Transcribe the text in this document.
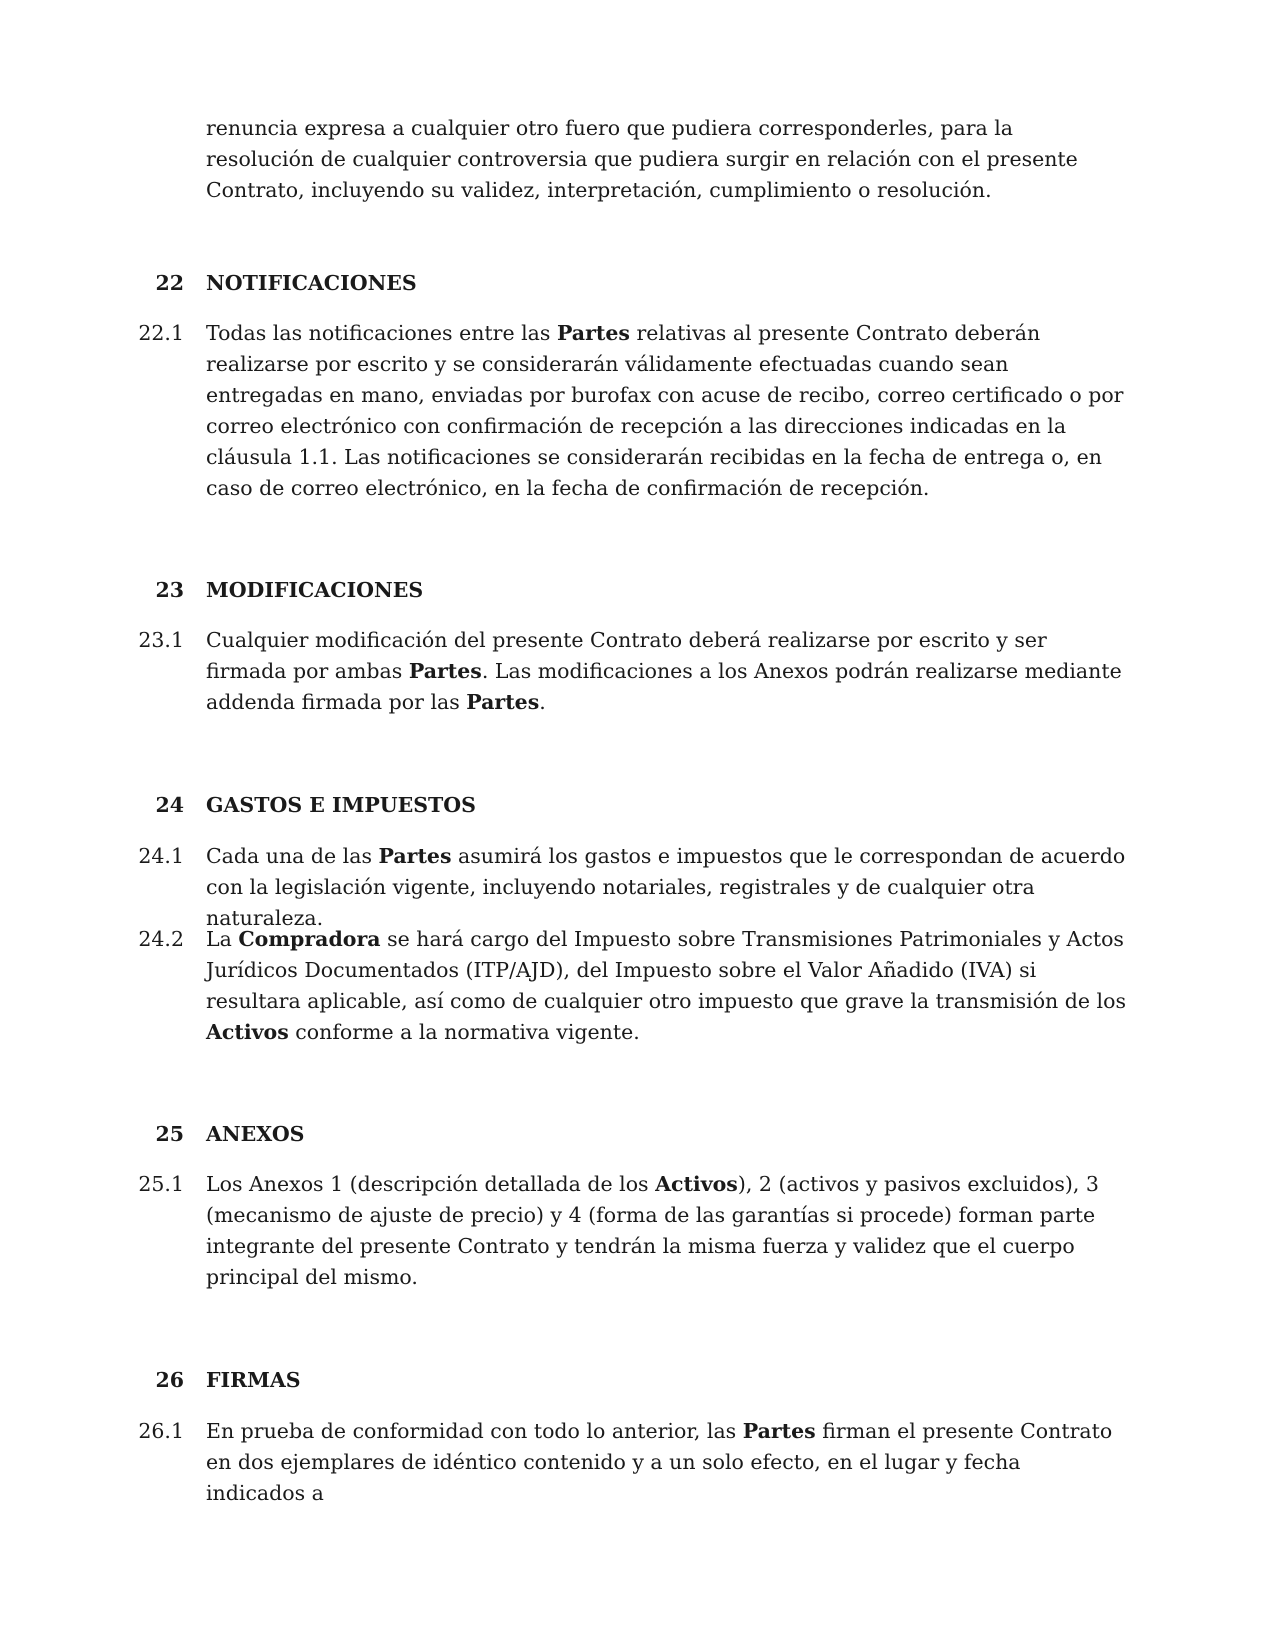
renuncia expresa a cualquier otro fuero que pudiera corresponderles, para la resolución de cualquier controversia que pudiera surgir en relación con el presente Contrato, incluyendo su validez, interpretación, cumplimiento o resolución.

22 NOTIFICACIONES
22.1 Todas las notificaciones entre las Partes relativas al presente Contrato deberán realizarse por escrito y se considerarán válidamente efectuadas cuando sean entregadas en mano, enviadas por burofax con acuse de recibo, correo certificado o por correo electrónico con confirmación de recepción a las direcciones indicadas en la cláusula 1.1. Las notificaciones se considerarán recibidas en la fecha de entrega o, en caso de correo electrónico, en la fecha de confirmación de recepción.

23 MODIFICACIONES
23.1 Cualquier modificación del presente Contrato deberá realizarse por escrito y ser firmada por ambas Partes. Las modificaciones a los Anexos podrán realizarse mediante addenda firmada por las Partes.

24 GASTOS E IMPUESTOS
24.1 Cada una de las Partes asumirá los gastos e impuestos que le correspondan de acuerdo con la legislación vigente, incluyendo notariales, registrales y de cualquier otra naturaleza.

24.2 La Compradora se hará cargo del Impuesto sobre Transmisiones Patrimoniales y Actos Jurídicos Documentados (ITP/AJD), del Impuesto sobre el Valor Añadido (IVA) si resultara aplicable, así como de cualquier otro impuesto que grave la transmisión de los Activos conforme a la normativa vigente.

25 ANEXOS
25.1 Los Anexos 1 (descripción detallada de los Activos), 2 (activos y pasivos excluidos), 3 (mecanismo de ajuste de precio) y 4 (forma de las garantías si procede) forman parte integrante del presente Contrato y tendrán la misma fuerza y validez que el cuerpo principal del mismo.

26 FIRMAS
26.1 En prueba de conformidad con todo lo anterior, las Partes firman el presente Contrato en dos ejemplares de idéntico contenido y a un solo efecto, en el lugar y fecha indicados a
